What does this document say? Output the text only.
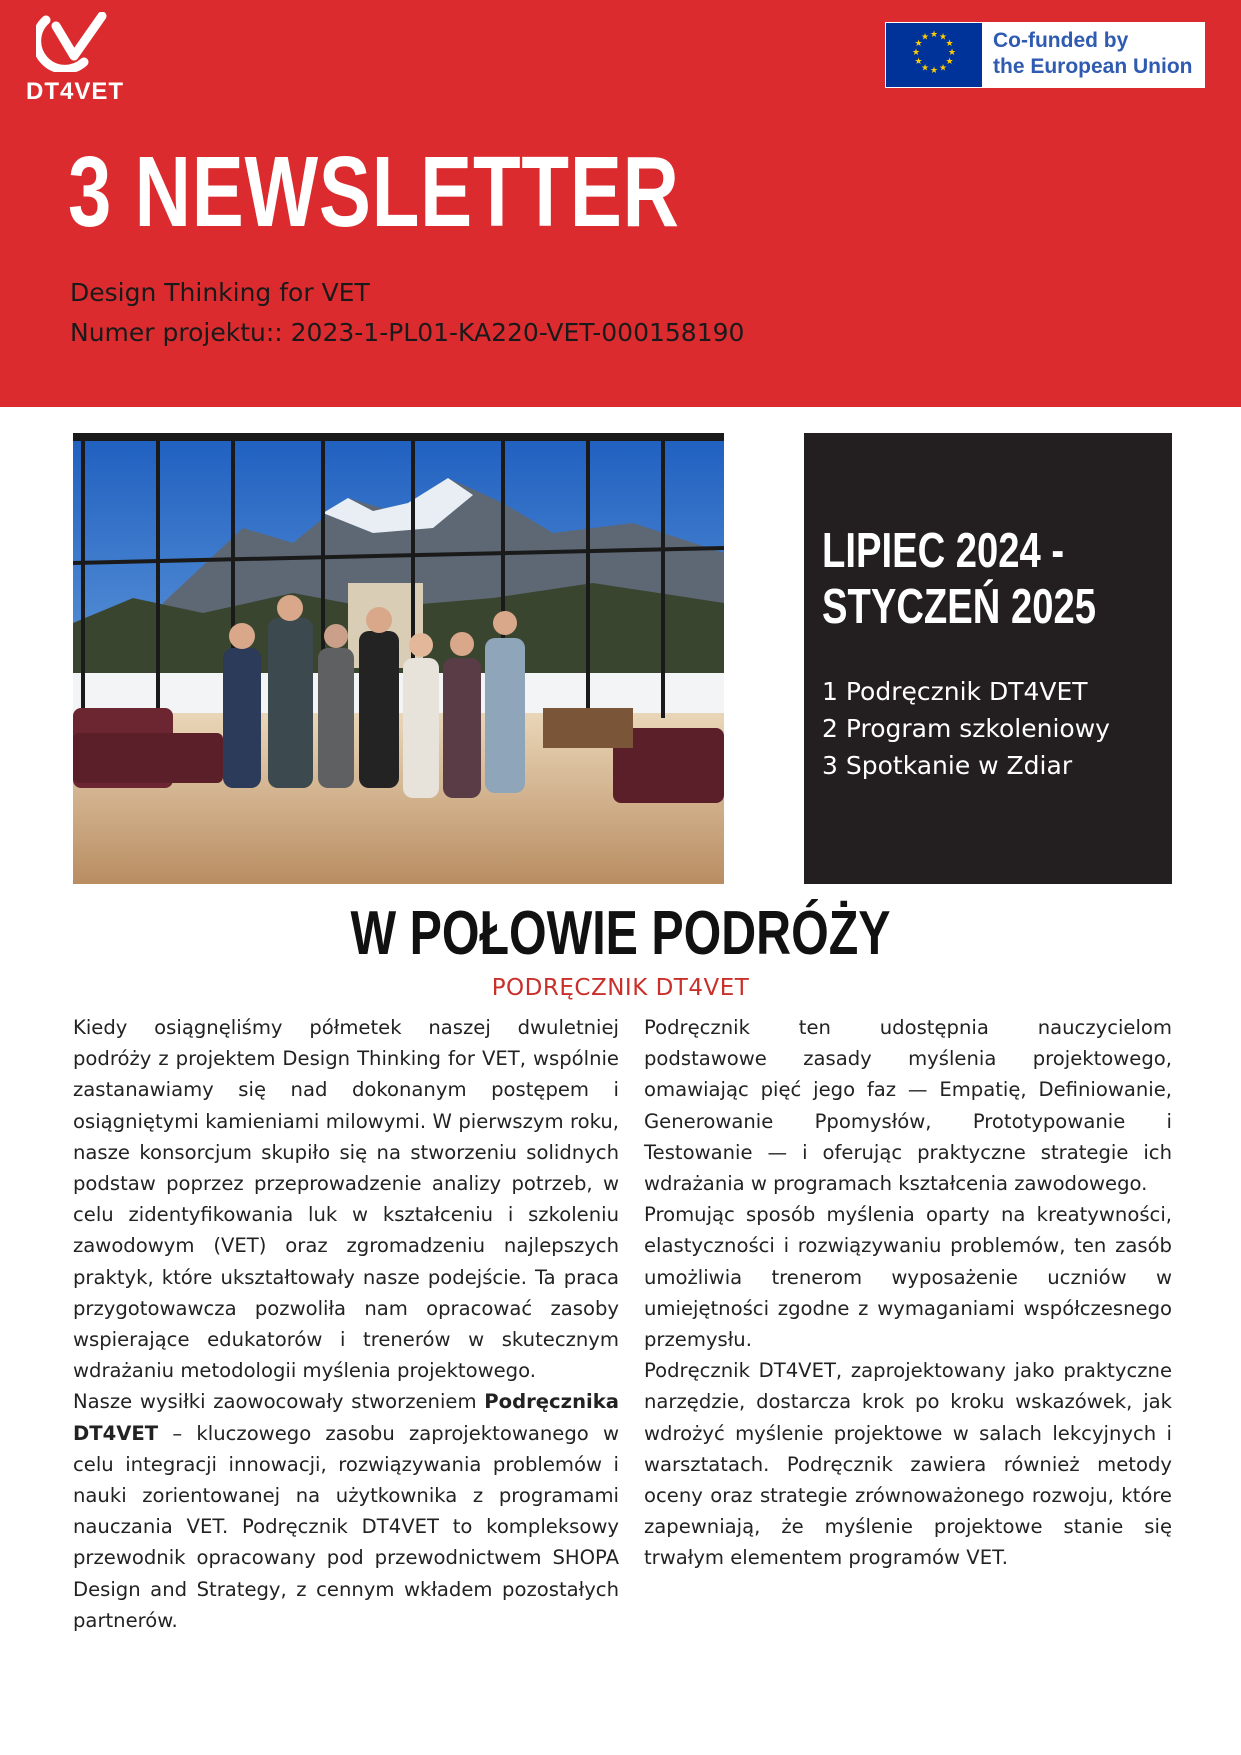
DT4VET
★ ★
★
★
★
★
★
★
★
★
★
★	Co-funded by
the European Union
3 NEWSLETTER
Design Thinking for VET
Numer projektu:: 2023-1-PL01-KA220-VET-000158190
LIPIEC 2024 -
STYCZEŃ 2025
1 Podręcznik DT4VET
2 Program szkoleniowy
3 Spotkanie w Zdiar
W POŁOWIE PODRÓŻY
PODRĘCZNIK DT4VET

Kiedy osiągnęliśmy półmetek naszej dwuletniej podróży z projektem Design Thinking for VET, wspólnie zastanawiamy się nad dokonanym postępem i osiągniętymi kamieniami milowymi. W pierwszym roku, nasze konsorcjum skupiło się na stworzeniu solidnych podstaw poprzez przeprowadzenie analizy potrzeb, w celu zidentyfikowania luk w kształceniu i szkoleniu zawodowym (VET) oraz zgromadzeniu najlepszych praktyk, które ukształtowały nasze podejście. Ta praca przygotowawcza pozwoliła nam opracować zasoby wspierające edukatorów i trenerów w skutecznym wdrażaniu metodologii myślenia projektowego.

Nasze wysiłki zaowocowały stworzeniem Podręcznika DT4VET – kluczowego zasobu zaprojektowanego w celu integracji innowacji, rozwiązywania problemów i nauki zorientowanej na użytkownika z programami nauczania VET. Podręcznik DT4VET to kompleksowy przewodnik opracowany pod przewodnictwem SHOPA Design and Strategy, z cennym wkładem pozostałych partnerów.

Podręcznik ten udostępnia nauczycielom podstawowe zasady myślenia projektowego, omawiając pięć jego faz — Empatię, Definiowanie, Generowanie Ppomysłów, Prototypowanie i Testowanie — i oferując praktyczne strategie ich wdrażania w programach kształcenia zawodowego.

Promując sposób myślenia oparty na kreatywności, elastyczności i rozwiązywaniu problemów, ten zasób umożliwia trenerom wyposażenie uczniów w umiejętności zgodne z wymaganiami współczesnego przemysłu.

Podręcznik DT4VET, zaprojektowany jako praktyczne narzędzie, dostarcza krok po kroku wskazówek, jak wdrożyć myślenie projektowe w salach lekcyjnych i warsztatach. Podręcznik zawiera również metody oceny oraz strategie zrównoważonego rozwoju, które zapewniają, że myślenie projektowe stanie się trwałym elementem programów VET.
